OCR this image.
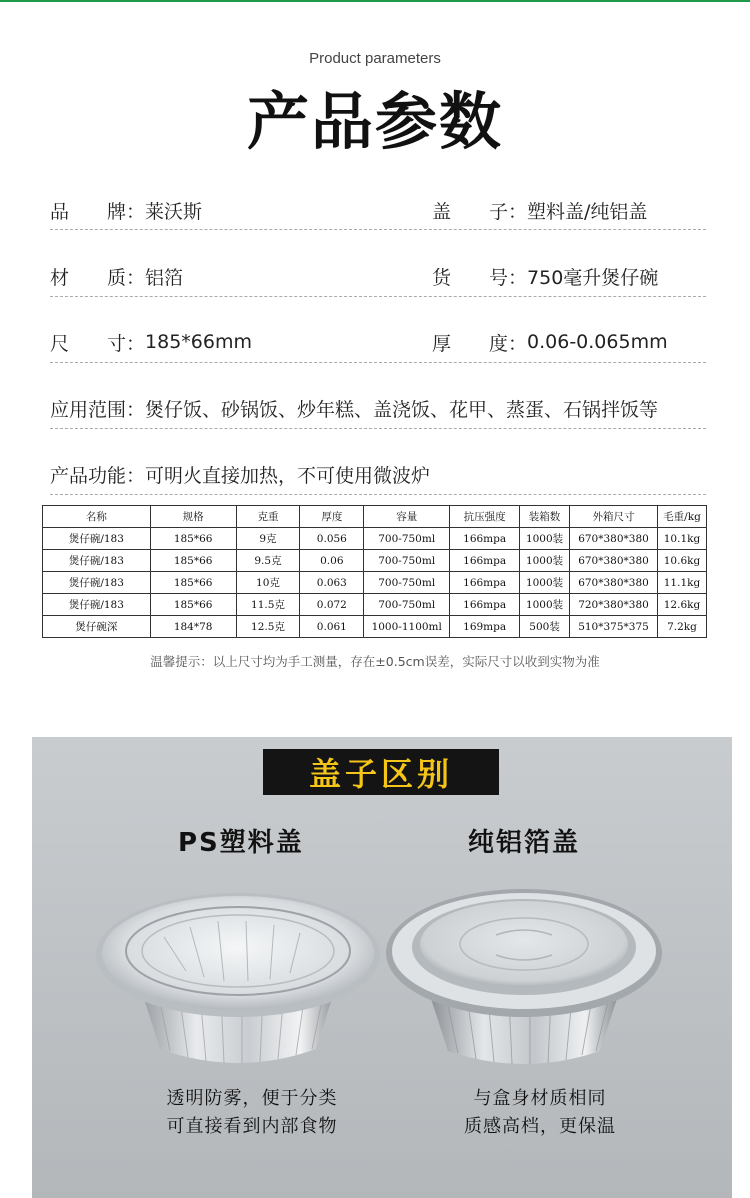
Product parameters
产品参数
品　　牌： 莱沃斯	盖　　子： 塑料盖/纯铝盖
材　　质： 铝箔	货　　号： 750毫升煲仔碗
尺　　寸： 185*66mm	厚　　度： 0.06-0.065mm
应用范围： 煲仔饭、砂锅饭、炒年糕、盖浇饭、花甲、蒸蛋、石锅拌饭等
产品功能： 可明火直接加热，不可使用微波炉
名称	规格	克重	厚度	容量	抗压强度	装箱数	外箱尺寸	毛重/kg
煲仔碗/183	185*66	9克	0.056	700-750ml	166mpa	1000装	670*380*380	10.1kg
煲仔碗/183	185*66	9.5克	0.06	700-750ml	166mpa	1000装	670*380*380	10.6kg
煲仔碗/183	185*66	10克	0.063	700-750ml	166mpa	1000装	670*380*380	11.1kg
煲仔碗/183	185*66	11.5克	0.072	700-750ml	166mpa	1000装	720*380*380	12.6kg
煲仔碗深	184*78	12.5克	0.061	1000-1100ml	169mpa	500装	510*375*375	7.2kg
温馨提示：以上尺寸均为手工测量，存在±0.5cm误差，实际尺寸以收到实物为准
盖子区别
PS塑料盖	纯铝箔盖
透明防雾，便于分类
可直接看到内部食物
与盒身材质相同
质感高档，更保温
